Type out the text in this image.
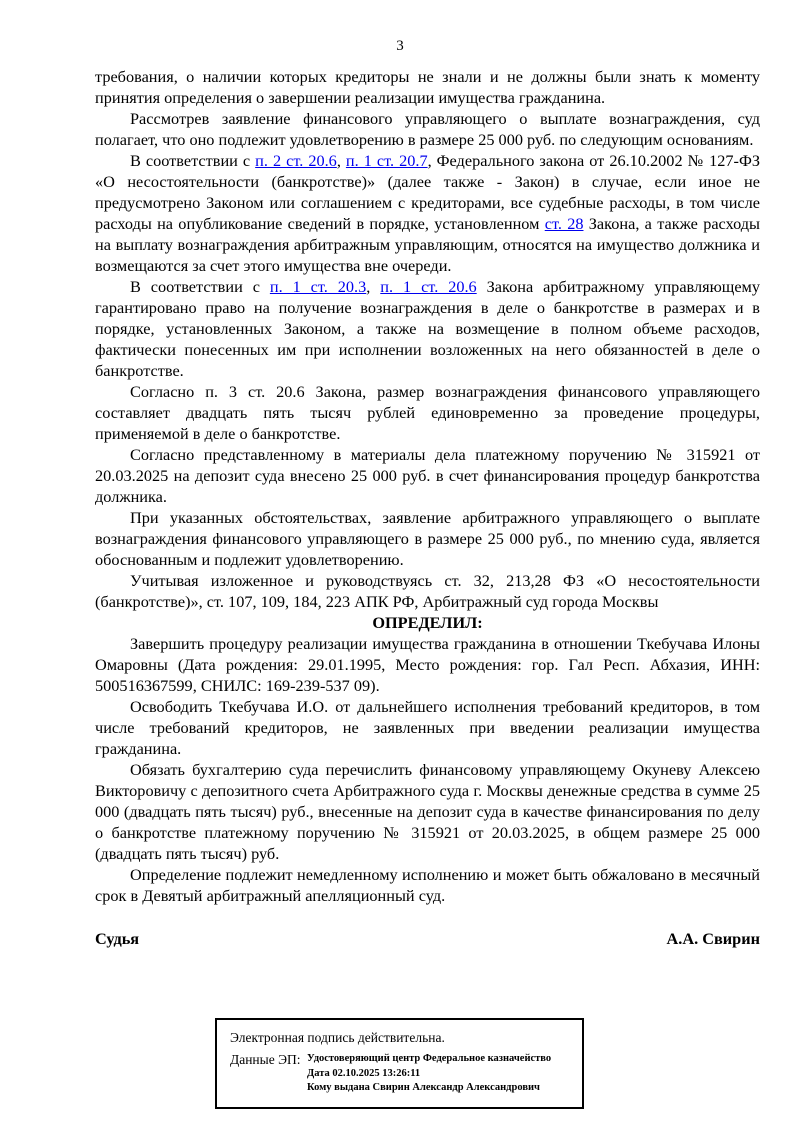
3

требования, о наличии которых кредиторы не знали и не должны были знать к моменту принятия определения о завершении реализации имущества гражданина.

Рассмотрев заявление финансового управляющего о выплате вознаграждения, суд полагает, что оно подлежит удовлетворению в размере 25 000 руб. по следующим основаниям.

В соответствии с п. 2 ст. 20.6, п. 1 ст. 20.7, Федерального закона от 26.10.2002 № 127-ФЗ «О несостоятельности (банкротстве)» (далее также - Закон) в случае, если иное не предусмотрено Законом или соглашением с кредиторами, все судебные расходы, в том числе расходы на опубликование сведений в порядке, установленном ст. 28 Закона, а также расходы на выплату вознаграждения арбитражным управляющим, относятся на имущество должника и возмещаются за счет этого имущества вне очереди.

В соответствии с п. 1 ст. 20.3, п. 1 ст. 20.6 Закона арбитражному управляющему гарантировано право на получение вознаграждения в деле о банкротстве в размерах и в порядке, установленных Законом, а также на возмещение в полном объеме расходов, фактически понесенных им при исполнении возложенных на него обязанностей в деле о банкротстве.

Согласно п. 3 ст. 20.6 Закона, размер вознаграждения финансового управляющего составляет двадцать пять тысяч рублей единовременно за проведение процедуры, применяемой в деле о банкротстве.

Согласно представленному в материалы дела платежному поручению № 315921 от 20.03.2025 на депозит суда внесено 25 000 руб. в счет финансирования процедур банкротства должника.

При указанных обстоятельствах, заявление арбитражного управляющего о выплате вознаграждения финансового управляющего в размере 25 000 руб., по мнению суда, является обоснованным и подлежит удовлетворению.

Учитывая изложенное и руководствуясь ст. 32, 213,28 ФЗ «О несостоятельности (банкротстве)», ст. 107, 109, 184, 223 АПК РФ, Арбитражный суд города Москвы

ОПРЕДЕЛИЛ:

Завершить процедуру реализации имущества гражданина в отношении Ткебучава Илоны Омаровны (Дата рождения: 29.01.1995, Место рождения: гор. Гал Респ. Абхазия, ИНН: 500516367599, СНИЛС: 169-239-537 09).

Освободить Ткебучава И.О. от дальнейшего исполнения требований кредиторов, в том числе требований кредиторов, не заявленных при введении реализации имущества гражданина.

Обязать бухгалтерию суда перечислить финансовому управляющему Окуневу Алексею Викторовичу с депозитного счета Арбитражного суда г. Москвы денежные средства в сумме 25 000 (двадцать пять тысяч) руб., внесенные на депозит суда в качестве финансирования по делу о банкротстве платежному поручению № 315921 от 20.03.2025, в общем размере 25 000 (двадцать пять тысяч) руб.

Определение подлежит немедленному исполнению и может быть обжаловано в месячный срок в Девятый арбитражный апелляционный суд.

Судья	А.А. Свирин
Электронная подпись действительна.
Данные ЭП: Удостоверяющий центр Федеральное казначейство
Дата 02.10.2025 13:26:11
Кому выдана Свирин Александр Александрович
